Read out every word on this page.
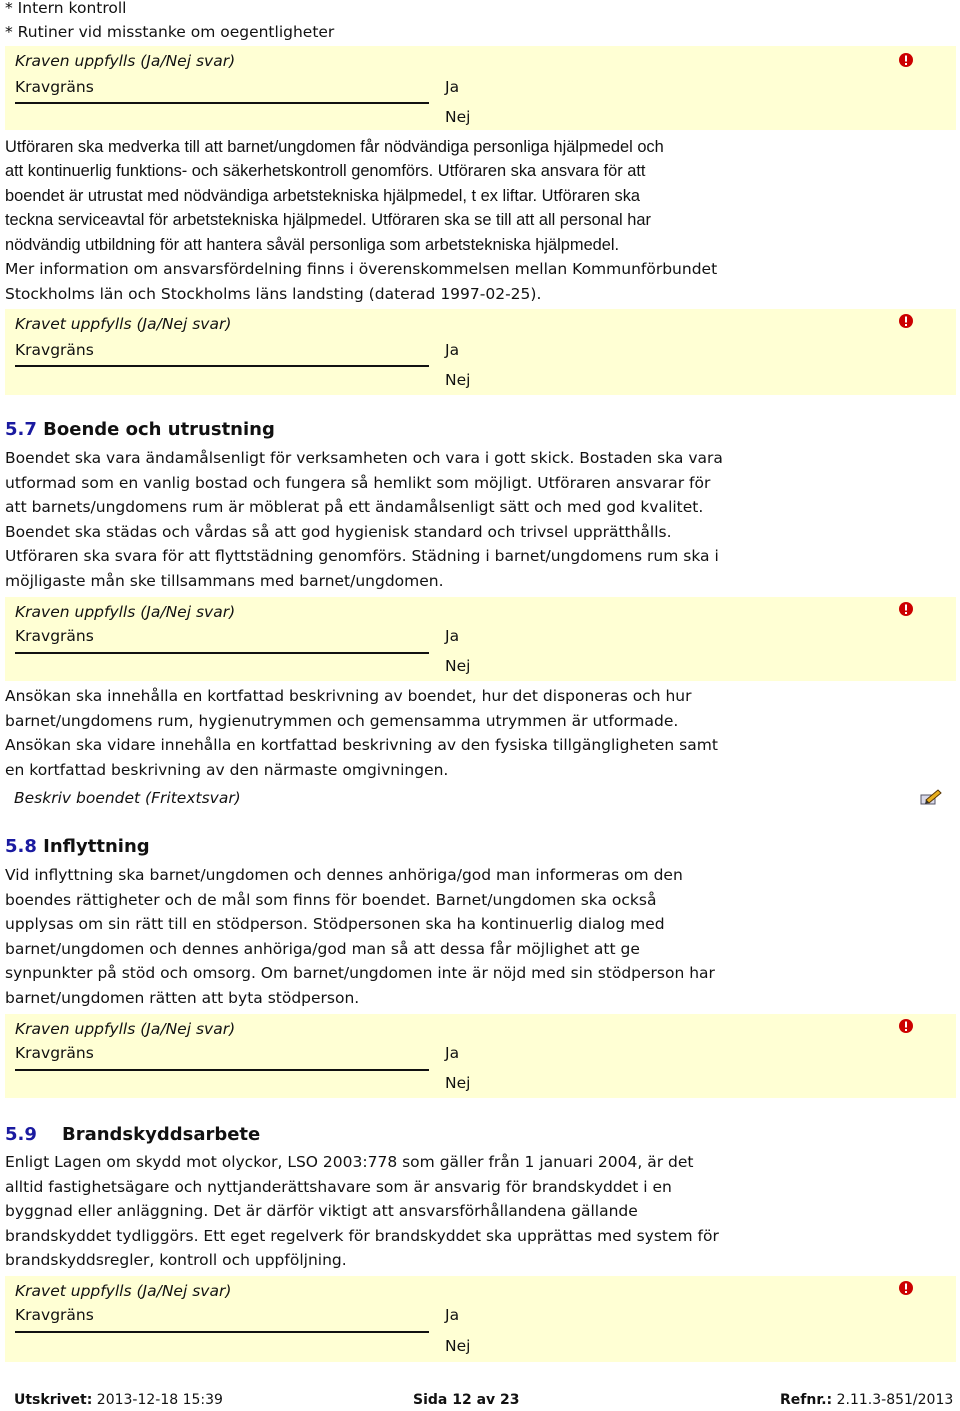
* Intern kontroll
* Rutiner vid misstanke om oegentligheter
Kraven uppfylls (Ja/Nej svar)
Kravgräns	Ja
Nej
Utföraren ska medverka till att barnet/ungdomen får nödvändiga personliga hjälpmedel och
att kontinuerlig funktions- och säkerhetskontroll genomförs. Utföraren ska ansvara för att
boendet är utrustat med nödvändiga arbetstekniska hjälpmedel, t ex liftar. Utföraren ska
teckna serviceavtal för arbetstekniska hjälpmedel. Utföraren ska se till att all personal har
nödvändig utbildning för att hantera såväl personliga som arbetstekniska hjälpmedel.
Mer information om ansvarsfördelning finns i överenskommelsen mellan Kommunförbundet
Stockholms län och Stockholms läns landsting (daterad 1997-02-25).
Kravet uppfylls (Ja/Nej svar)
Kravgräns	Ja
Nej
5.7 Boende och utrustning
Boendet ska vara ändamålsenligt för verksamheten och vara i gott skick. Bostaden ska vara
utformad som en vanlig bostad och fungera så hemlikt som möjligt. Utföraren ansvarar för
att barnets/ungdomens rum är möblerat på ett ändamålsenligt sätt och med god kvalitet.
Boendet ska städas och vårdas så att god hygienisk standard och trivsel upprätthålls.
Utföraren ska svara för att flyttstädning genomförs. Städning i barnet/ungdomens rum ska i
möjligaste mån ske tillsammans med barnet/ungdomen.
Kraven uppfylls (Ja/Nej svar)
Kravgräns	Ja
Nej
Ansökan ska innehålla en kortfattad beskrivning av boendet, hur det disponeras och hur
barnet/ungdomens rum, hygienutrymmen och gemensamma utrymmen är utformade.
Ansökan ska vidare innehålla en kortfattad beskrivning av den fysiska tillgängligheten samt
en kortfattad beskrivning av den närmaste omgivningen.
Beskriv boendet (Fritextsvar)
5.8 Inflyttning
Vid inflyttning ska barnet/ungdomen och dennes anhöriga/god man informeras om den
boendes rättigheter och de mål som finns för boendet. Barnet/ungdomen ska också
upplysas om sin rätt till en stödperson. Stödpersonen ska ha kontinuerlig dialog med
barnet/ungdomen och dennes anhöriga/god man så att dessa får möjlighet att ge
synpunkter på stöd och omsorg. Om barnet/ungdomen inte är nöjd med sin stödperson har
barnet/ungdomen rätten att byta stödperson.
Kraven uppfylls (Ja/Nej svar)
Kravgräns	Ja
Nej
5.9 Brandskyddsarbete
Enligt Lagen om skydd mot olyckor, LSO 2003:778 som gäller från 1 januari 2004, är det
alltid fastighetsägare och nyttjanderättshavare som är ansvarig för brandskyddet i en
byggnad eller anläggning. Det är därför viktigt att ansvarsförhållandena gällande
brandskyddet tydliggörs. Ett eget regelverk för brandskyddet ska upprättas med system för
brandskyddsregler, kontroll och uppföljning.
Kravet uppfylls (Ja/Nej svar)
Kravgräns	Ja
Nej
Utskrivet: 2013-12-18 15:39	Sida 12 av 23	Refnr.: 2.11.3-851/2013
